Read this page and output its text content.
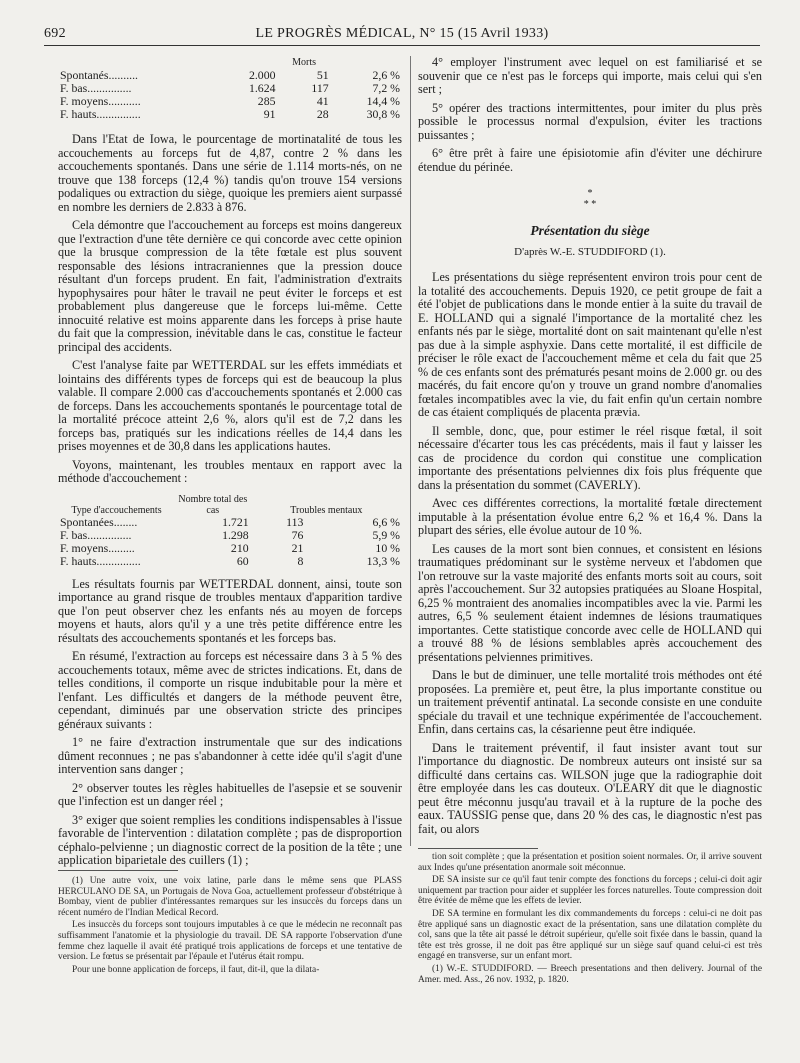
692	LE PROGRÈS MÉDICAL, N° 15 (15 Avril 1933)
		Morts	
Spontanés..........	2.000	51	2,6 %
F. bas...............	1.624	117	7,2 %
F. moyens...........	285	41	14,4 %
F. hauts...............	91	28	30,8 %

Dans l'Etat de Iowa, le pourcentage de mortinatalité de tous les accouchements au forceps fut de 4,87, contre 2 % dans les accouchements spontanés. Dans une série de 1.114 morts-nés, on ne trouve que 138 forceps (12,4 %) tandis qu'on trouve 154 versions podaliques ou extraction du siège, quoique les premiers aient surpassé en nombre les derniers de 2.833 à 876.

Cela démontre que l'accouchement au forceps est moins dangereux que l'extraction d'une tête dernière ce qui concorde avec cette opinion que la brusque compression de la tête fœtale est plus souvent responsable des lésions intracraniennes que la pression douce résultant d'un forceps prudent. En fait, l'administration d'extraits hypophysaires pour hâter le travail ne peut éviter le forceps et est probablement plus dangereuse que le forceps lui-même. Cette innocuité relative est moins apparente dans les forceps à prise haute du fait que la compression, inévitable dans le cas, constitue le facteur principal des accidents.

C'est l'analyse faite par WETTERDAL sur les effets immédiats et lointains des différents types de forceps qui est de beaucoup la plus valable. Il compare 2.000 cas d'accouchements spontanés et 2.000 cas de forceps. Dans les accouchements spontanés le pourcentage total de la mortalité précoce atteint 2,6 %, alors qu'il est de 7,2 dans les forceps bas, pratiqués sur les indications réelles de 14,4 dans les prises moyennes et de 30,8 dans les applications hautes.

Voyons, maintenant, les troubles mentaux en rapport avec la méthode d'accouchement :

Type d'accouchements	Nombre total des cas	Troubles mentaux	
Spontanées........	1.721	113	6,6 %
F. bas...............	1.298	76	5,9 %
F. moyens.........	210	21	10 %
F. hauts...............	60	8	13,3 %

Les résultats fournis par WETTERDAL donnent, ainsi, toute son importance au grand risque de troubles mentaux d'apparition tardive que l'on peut observer chez les enfants nés au moyen de forceps moyens et hauts, alors qu'il y a une très petite différence entre les résultats des accouchements spontanés et les forceps bas.

En résumé, l'extraction au forceps est nécessaire dans 3 à 5 % des accouchements totaux, même avec de strictes indications. Et, dans de telles conditions, il comporte un risque indubitable pour la mère et l'enfant. Les difficultés et dangers de la méthode peuvent être, cependant, diminués par une observation stricte des principes généraux suivants :

1° ne faire d'extraction instrumentale que sur des indications dûment reconnues ; ne pas s'abandonner à cette idée qu'il s'agit d'une intervention sans danger ;

2° observer toutes les règles habituelles de l'asepsie et se souvenir que l'infection est un danger réel ;

3° exiger que soient remplies les conditions indispensables à l'issue favorable de l'intervention : dilatation complète ; pas de disproportion céphalo-pelvienne ; un diagnostic correct de la position de la tête ; une application biparietale des cuillers (1) ;

(1) Une autre voix, une voix latine, parle dans le même sens que PLASS HERCULANO DE SA, un Portugais de Nova Goa, actuellement professeur d'obstétrique à Bombay, vient de publier d'intéressantes remarques sur les insuccès du forceps dans un récent numéro de l'Indian Medical Record.

Les insuccès du forceps sont toujours imputables à ce que le médecin ne reconnaît pas suffisamment l'anatomie et la physiologie du travail. DE SA rapporte l'observation d'une femme chez laquelle il avait été pratiqué trois applications de forceps et une tentative de version. Le fœtus se présentait par l'épaule et l'utérus était rompu.

Pour une bonne application de forceps, il faut, dit-il, que la dilata-

4° employer l'instrument avec lequel on est familiarisé et se souvenir que ce n'est pas le forceps qui importe, mais celui qui s'en sert ;

5° opérer des tractions intermittentes, pour imiter du plus près possible le processus normal d'expulsion, éviter les tractions puissantes ;

6° être prêt à faire une épisiotomie afin d'éviter une déchirure étendue du périnée.

*
* *
Présentation du siège
D'après W.-E. STUDDIFORD (1).

Les présentations du siège représentent environ trois pour cent de la totalité des accouchements. Depuis 1920, ce petit groupe de fait a été l'objet de publications dans le monde entier à la suite du travail de E. HOLLAND qui a signalé l'importance de la mortalité chez les enfants nés par le siège, mortalité dont on sait maintenant qu'elle n'est pas due à la simple asphyxie. Dans cette mortalité, il est difficile de préciser le rôle exact de l'accouchement même et cela du fait que 25 % de ces enfants sont des prématurés pesant moins de 2.000 gr. ou des macérés, du fait encore qu'on y trouve un grand nombre d'anomalies fœtales incompatibles avec la vie, du fait enfin qu'un certain nombre de cas étaient compliqués de placenta prævia.

Il semble, donc, que, pour estimer le réel risque fœtal, il soit nécessaire d'écarter tous les cas précédents, mais il faut y laisser les cas de procidence du cordon qui constitue une complication importante des présentations pelviennes dix fois plus fréquente que dans la présentation du sommet (CAVERLY).

Avec ces différentes corrections, la mortalité fœtale directement imputable à la présentation évolue entre 6,2 % et 16,4 %. Dans la plupart des séries, elle évolue autour de 10 %.

Les causes de la mort sont bien connues, et consistent en lésions traumatiques prédominant sur le système nerveux et l'abdomen que l'on retrouve sur la vaste majorité des enfants morts soit au cours, soit après l'accouchement. Sur 32 autopsies pratiquées au Sloane Hospital, 6,25 % montraient des anomalies incompatibles avec la vie. Parmi les autres, 6,5 % seulement étaient indemnes de lésions traumatiques importantes. Cette statistique concorde avec celle de HOLLAND qui a trouvé 88 % de lésions semblables après accouchement des présentations pelviennes primitives.

Dans le but de diminuer, une telle mortalité trois méthodes ont été proposées. La première et, peut être, la plus importante constitue ou un traitement préventif antinatal. La seconde consiste en une conduite spéciale du travail et une technique expérimentée de l'accouchement. Enfin, dans certains cas, la césarienne peut être indiquée.

Dans le traitement préventif, il faut insister avant tout sur l'importance du diagnostic. De nombreux auteurs ont insisté sur sa difficulté dans certains cas. WILSON juge que la radiographie doit être employée dans les cas douteux. O'LEARY dit que le diagnostic peut être méconnu jusqu'au travail et à la rupture de la poche des eaux. TAUSSIG pense que, dans 20 % des cas, le diagnostic n'est pas fait, ou alors

tion soit complète ; que la présentation et position soient normales. Or, il arrive souvent aux Indes qu'une présentation anormale soit méconnue.

DE SA insiste sur ce qu'il faut tenir compte des fonctions du forceps ; celui-ci doit agir uniquement par traction pour aider et suppléer les forces naturelles. Toute compression doit être évitée de même que les effets de levier.

DE SA termine en formulant les dix commandements du forceps : celui-ci ne doit pas être appliqué sans un diagnostic exact de la présentation, sans une dilatation complète du col, sans que la tête ait passé le détroit supérieur, qu'elle soit fixée dans le bassin, quand la tête est très grosse, il ne doit pas être appliqué sur un siège sauf quand celui-ci est très engagé en transverse, sur un enfant mort.

(1) W.-E. STUDDIFORD. — Breech presentations and then delivery. Journal of the Amer. med. Ass., 26 nov. 1932, p. 1820.
